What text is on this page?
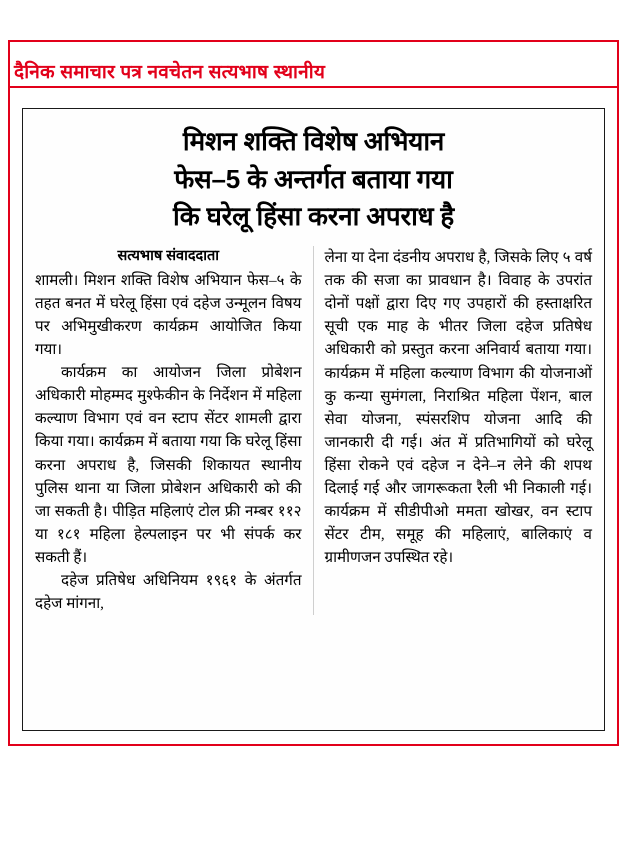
दैनिक समाचार पत्र नवचेतन सत्यभाष स्थानीय
मिशन शक्ति विशेष अभियान
फेस–5 के अन्तर्गत बताया गया
कि घरेलू हिंसा करना अपराध है
सत्यभाष संवाददाता

शामली। मिशन शक्ति विशेष अभियान फेस–५ के तहत बनत में घरेलू हिंसा एवं दहेज उन्मूलन विषय पर अभिमुखीकरण कार्यक्रम आयोजित किया गया।

कार्यक्रम का आयोजन जिला प्रोबेशन अधिकारी मोहम्मद मुश्फेकीन के निर्देशन में महिला कल्याण विभाग एवं वन स्टाप सेंटर शामली द्वारा किया गया। कार्यक्रम में बताया गया कि घरेलू हिंसा करना अपराध है, जिसकी शिकायत स्थानीय पुलिस थाना या जिला प्रोबेशन अधिकारी को की जा सकती है। पीड़ित महिलाएं टोल फ्री नम्बर ११२ या १८१ महिला हेल्पलाइन पर भी संपर्क कर सकती हैं।

दहेज प्रतिषेध अधिनियम १९६१ के अंतर्गत दहेज मांगना,

लेना या देना दंडनीय अपराध है, जिसके लिए ५ वर्ष तक की सजा का प्रावधान है। विवाह के उपरांत दोनों पक्षों द्वारा दिए गए उपहारों की हस्ताक्षरित सूची एक माह के भीतर जिला दहेज प्रतिषेध अधिकारी को प्रस्तुत करना अनिवार्य बताया गया। कार्यक्रम में महिला कल्याण विभाग की योजनाओं कु कन्या सुमंगला, निराश्रित महिला पेंशन, बाल सेवा योजना, स्पंसरशिप योजना आदि की जानकारी दी गई। अंत में प्रतिभागियों को घरेलू हिंसा रोकने एवं दहेज न देने–न लेने की शपथ दिलाई गई और जागरूकता रैली भी निकाली गई। कार्यक्रम में सीडीपीओ ममता खोखर, वन स्टाप सेंटर टीम, समूह की महिलाएं, बालिकाएं व ग्रामीणजन उपस्थित रहे।
